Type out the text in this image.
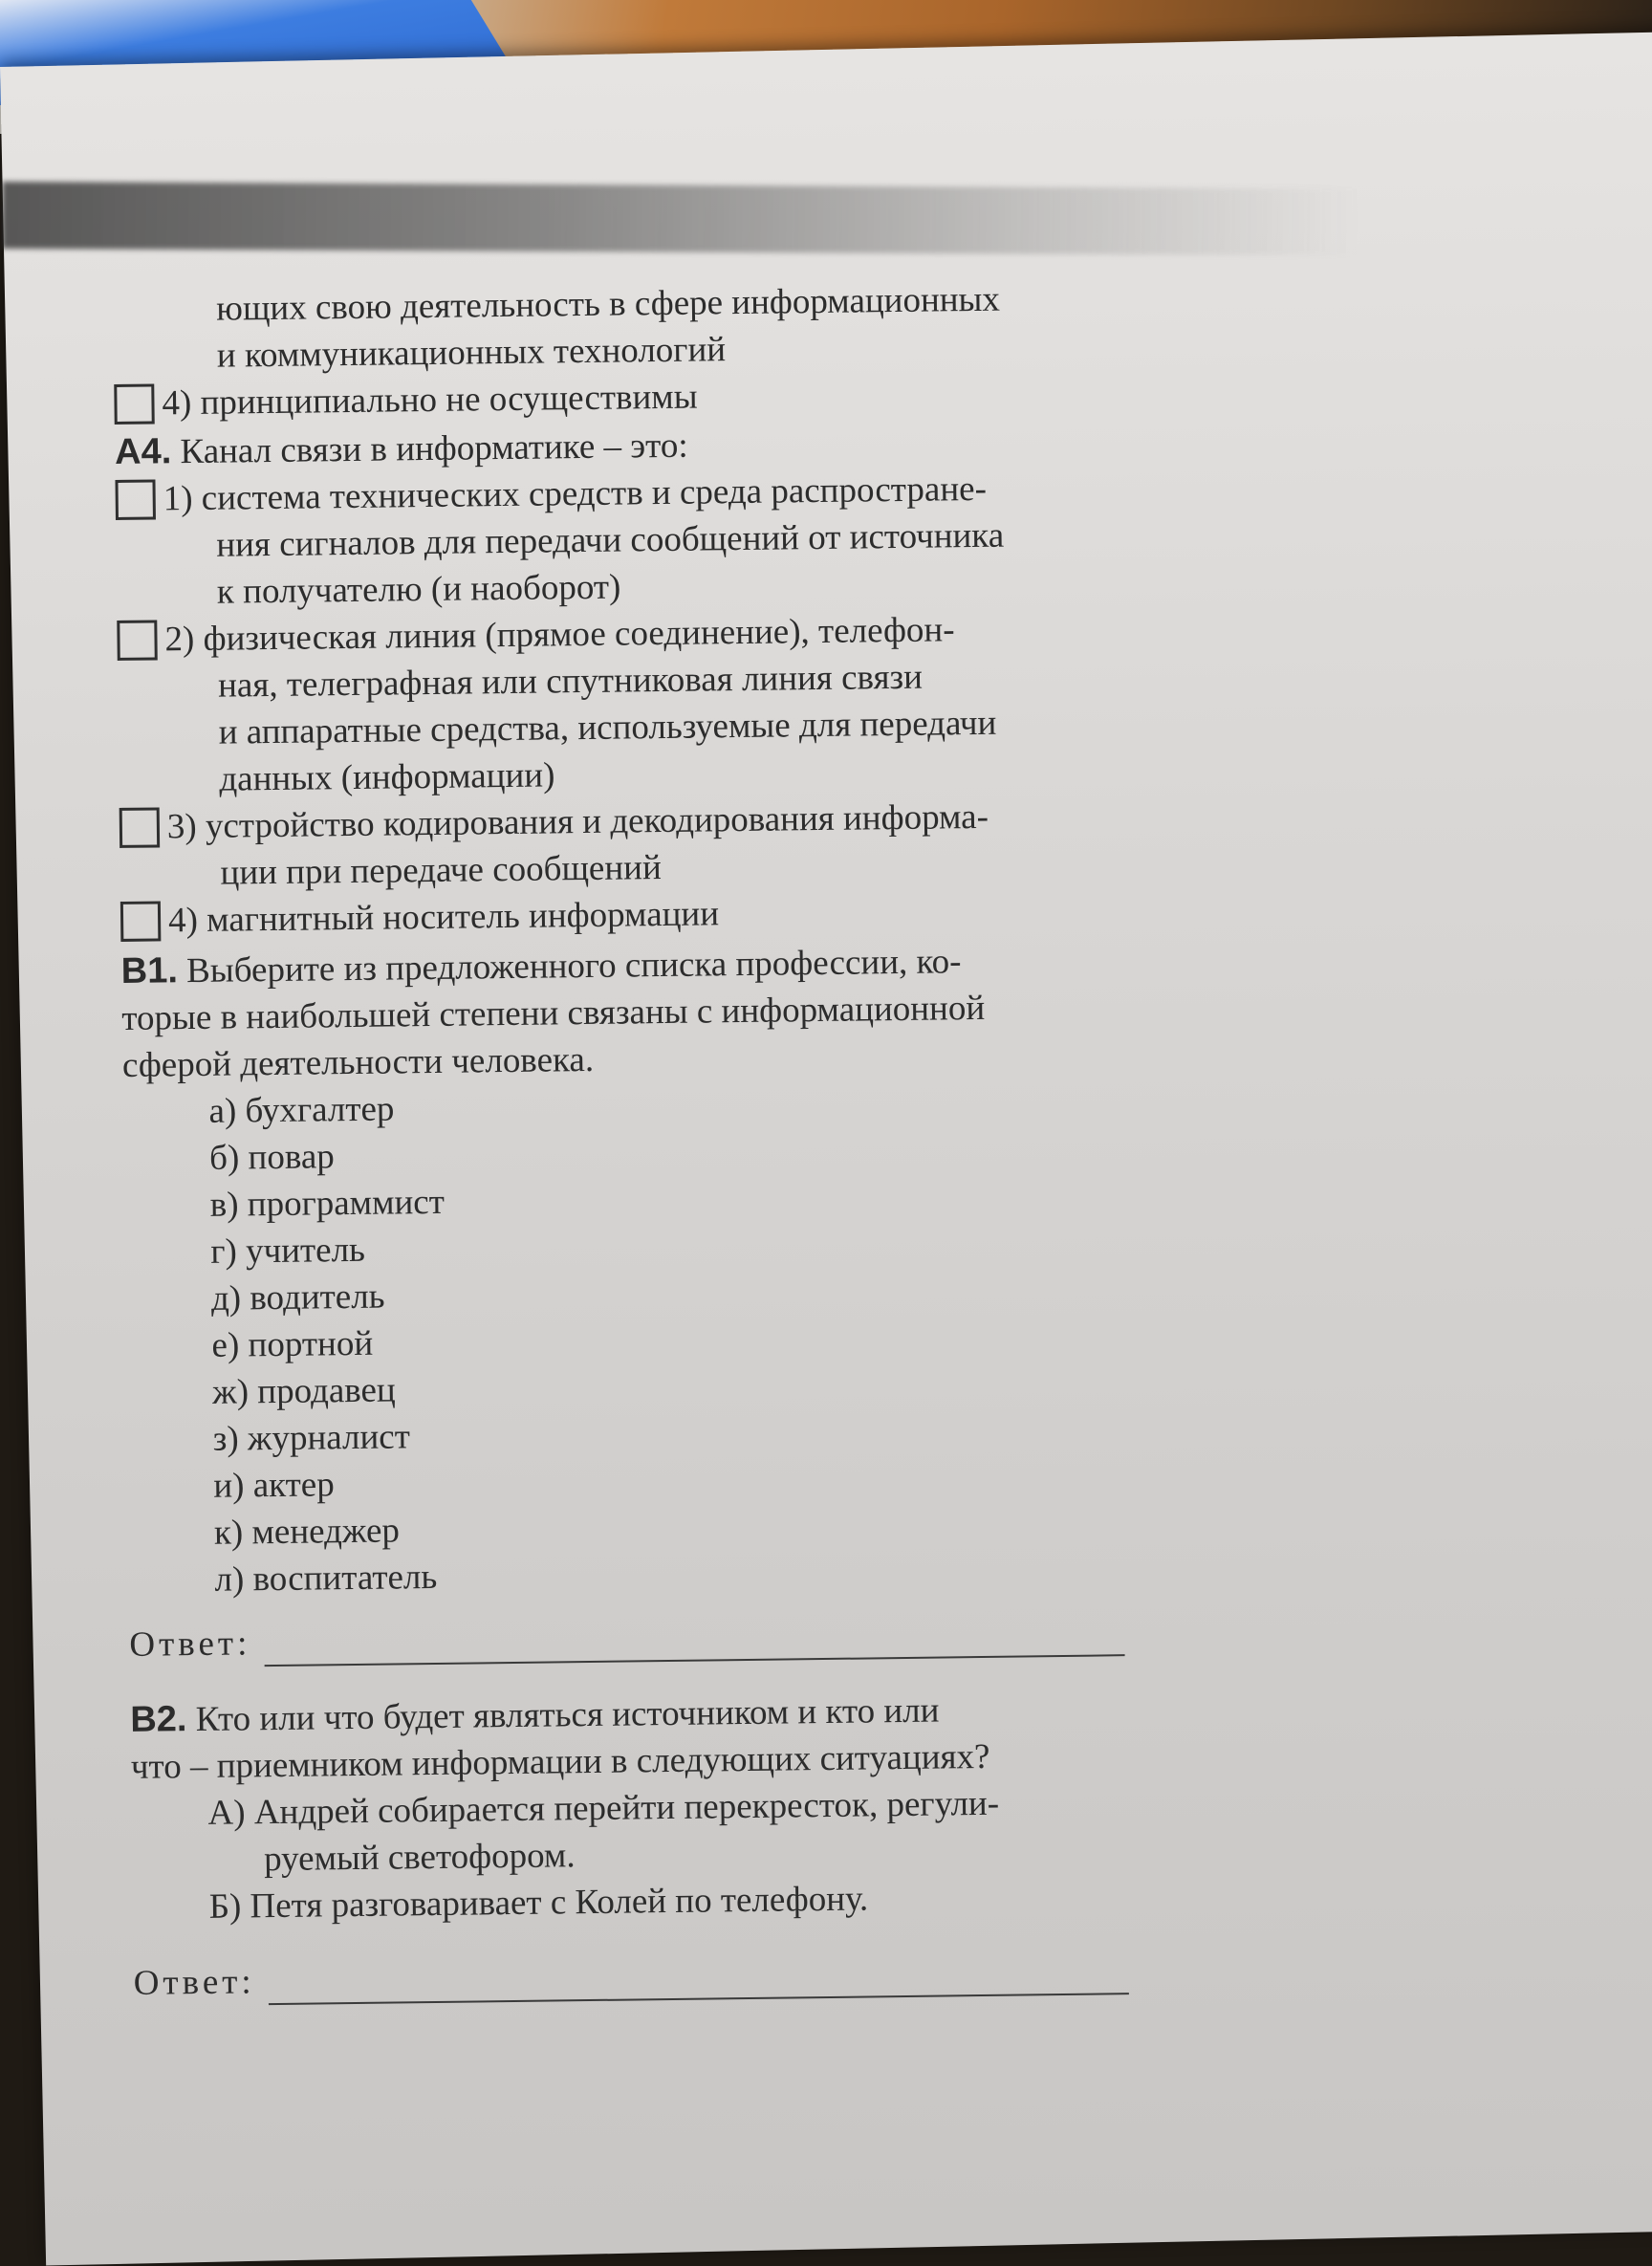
ющих свою деятельность в сфере информационных
и коммуникационных технологий
4) принципиально не осуществимы
А4. Канал связи в информатике – это:
1) система технических средств и среда распростране-
ния сигналов для передачи сообщений от источника
к получателю (и наоборот)
2) физическая линия (прямое соединение), телефон-
ная, телеграфная или спутниковая линия связи
и аппаратные средства, используемые для передачи
данных (информации)
3) устройство кодирования и декодирования информа-
ции при передаче сообщений
4) магнитный носитель информации
В1. Выберите из предложенного списка профессии, ко-
торые в наибольшей степени связаны с информационной
сферой деятельности человека.
а) бухгалтер
б) повар
в) программист
г) учитель
д) водитель
е) портной
ж) продавец
з) журналист
и) актер
к) менеджер
л) воспитатель
Ответ:
В2. Кто или что будет являться источником и кто или
что – приемником информации в следующих ситуациях?
А) Андрей собирается перейти перекресток, регули-
руемый светофором.
Б) Петя разговаривает с Колей по телефону.
Ответ:
